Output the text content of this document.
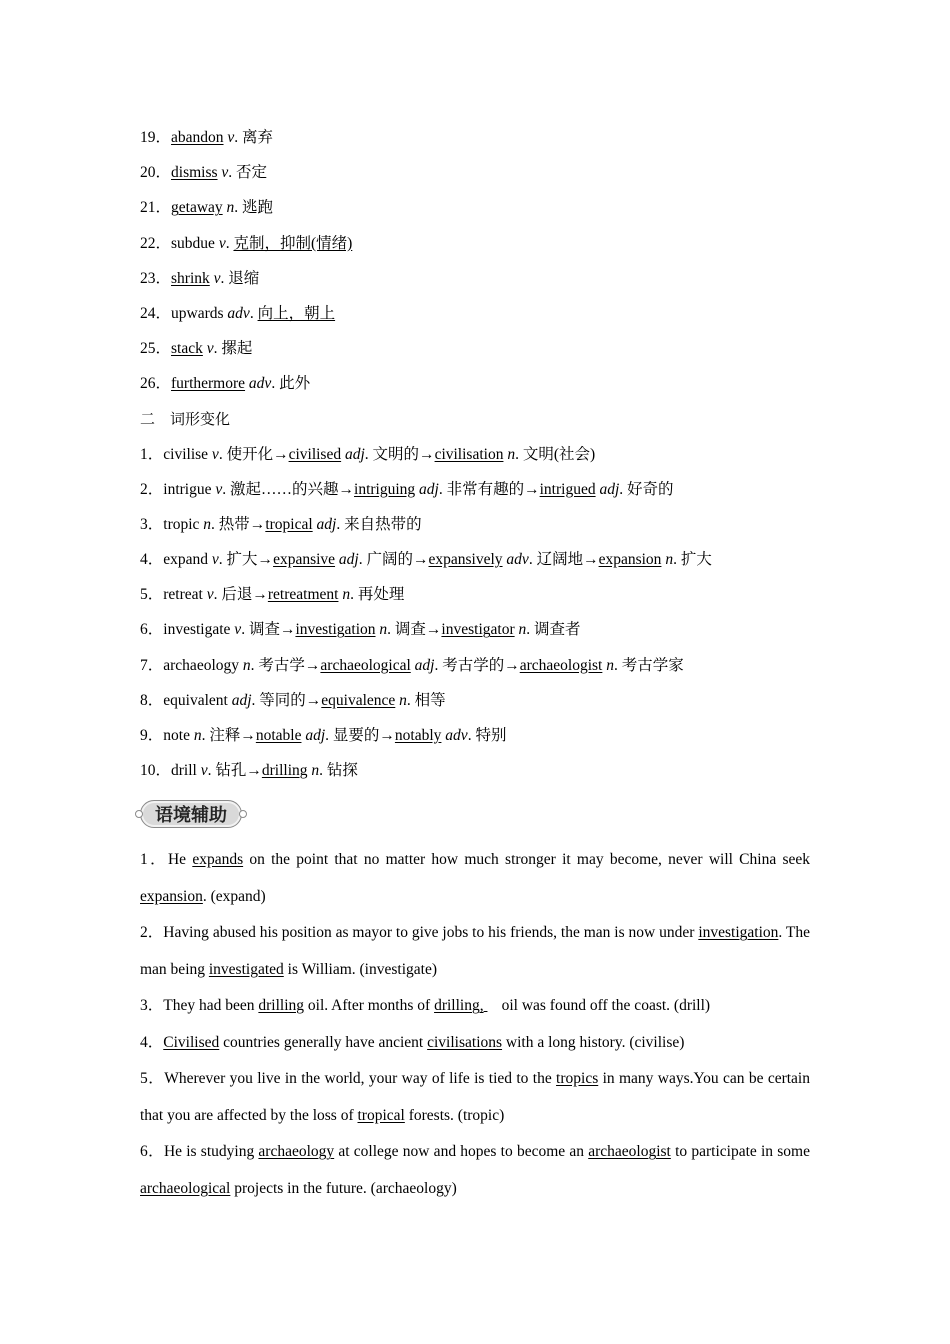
19．abandon v. 离弃
20．dismiss v. 否定
21．getaway n. 逃跑
22．subdue v. 克制，抑制(情绪)
23．shrink v. 退缩
24．upwards adv. 向上，朝上
25．stack v. 摞起
26．furthermore adv. 此外
二　词形变化
1．civilise v. 使开化→civilised adj. 文明的→civilisation n. 文明(社会)
2．intrigue v. 激起……的兴趣→intriguing adj. 非常有趣的→intrigued adj. 好奇的
3．tropic n. 热带→tropical adj. 来自热带的
4．expand v. 扩大→expansive adj. 广阔的→expansively adv. 辽阔地→expansion n. 扩大
5．retreat v. 后退→retreatment n. 再处理
6．investigate v. 调查→investigation n. 调查→investigator n. 调查者
7．archaeology n. 考古学→archaeological adj. 考古学的→archaeologist n. 考古学家
8．equivalent adj. 等同的→equivalence n. 相等
9．note n. 注释→notable adj. 显要的→notably adv. 特别
10．drill v. 钻孔→drilling n. 钻探
语境辅助
1．He expands on the point that no matter how much stronger it may become, never will China seek expansion. (expand)
2．Having abused his position as mayor to give jobs to his friends, the man is now under investigation. The man being investigated is William. (investigate)
3．They had been drilling oil. After months of drilling, oil was found off the coast. (drill)
4．Civilised countries generally have ancient civilisations with a long history. (civilise)
5．Wherever you live in the world, your way of life is tied to the tropics in many ways.You can be certain that you are affected by the loss of tropical forests. (tropic)
6．He is studying archaeology at college now and hopes to become an archaeologist to participate in some archaeological projects in the future. (archaeology)
